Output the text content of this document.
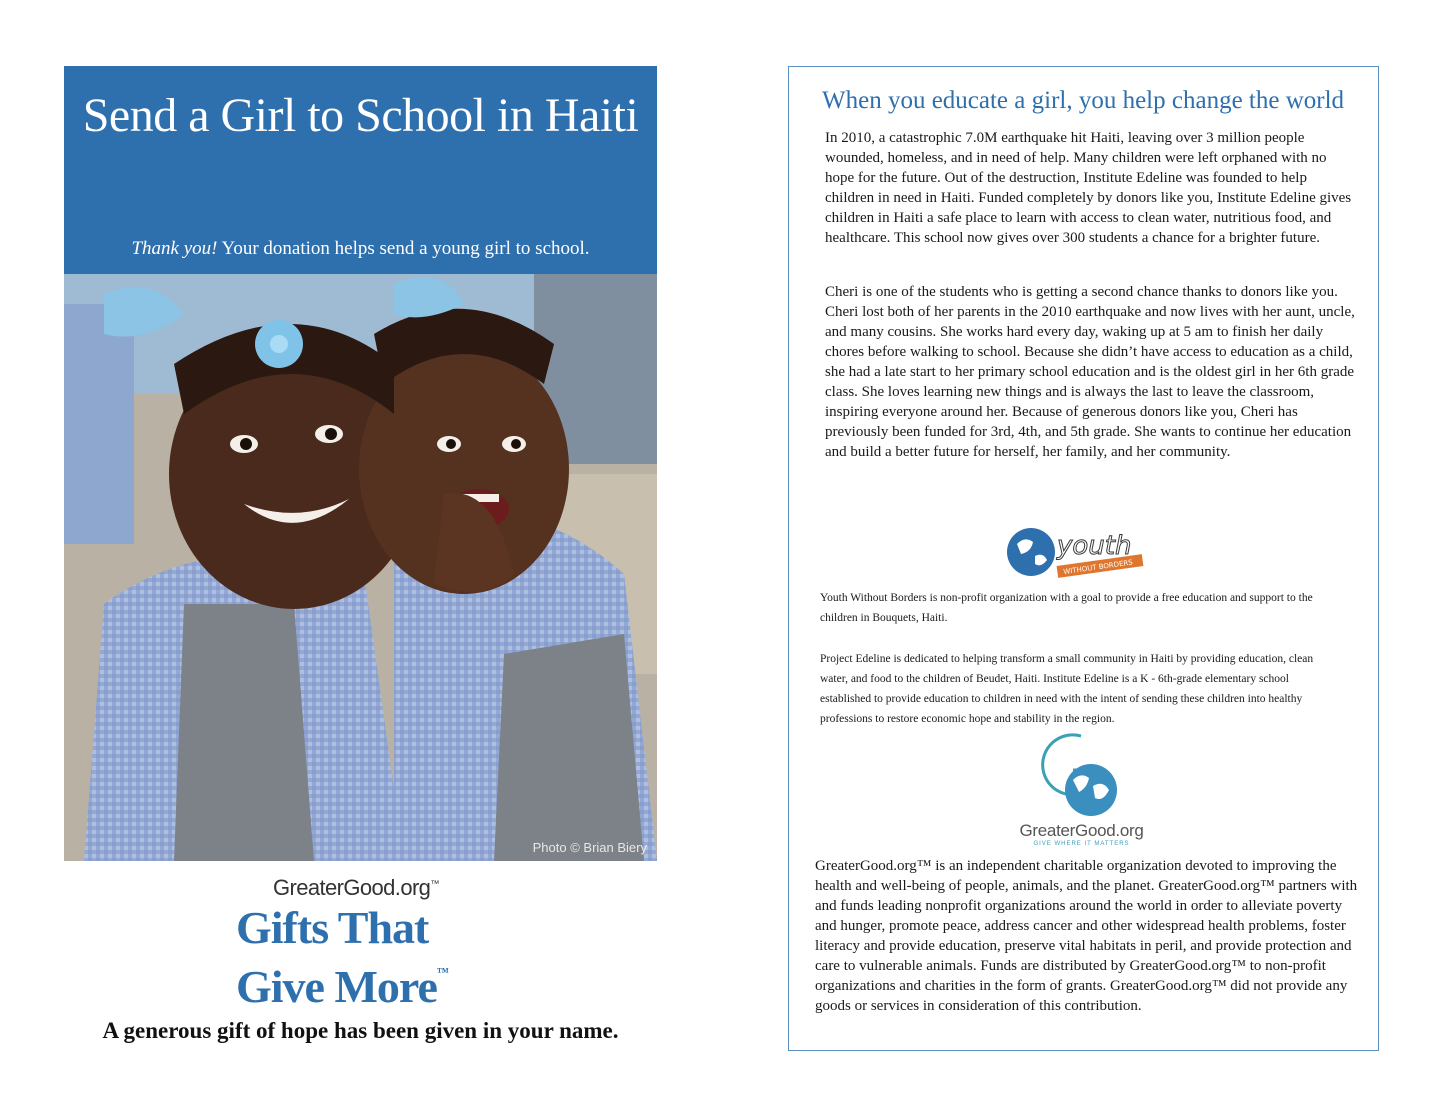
Send a Girl to School in Haiti
Thank you! Your donation helps send a young girl to school.
Photo © Brian Biery
GreaterGood.org™
Gifts That
Give More™
A generous gift of hope has been given in your name.
When you educate a girl, you help change the world

In 2010, a catastrophic 7.0M earthquake hit Haiti, leaving over 3 million people wounded, homeless, and in need of help. Many children were left orphaned with no hope for the future. Out of the destruction, Institute Edeline was founded to help children in need in Haiti. Funded completely by donors like you, Institute Edeline gives children in Haiti a safe place to learn with access to clean water, nutritious food, and healthcare. This school now gives over 300 students a chance for a brighter future.

Cheri is one of the students who is getting a second chance thanks to donors like you. Cheri lost both of her parents in the 2010 earthquake and now lives with her aunt, uncle, and many cousins. She works hard every day, waking up at 5 am to finish her daily chores before walking to school. Because she didn’t have access to education as a child, she had a late start to her primary school education and is the oldest girl in her 6th grade class. She loves learning new things and is always the last to leave the classroom, inspiring everyone around her. Because of generous donors like you, Cheri has previously been funded for 3rd, 4th, and 5th grade. She wants to continue her education and build a better future for herself, her family, and her community.

youth
WITHOUT BORDERS

Youth Without Borders is non-profit organization with a goal to provide a free education and support to the children in Bouquets, Haiti.

Project Edeline is dedicated to helping transform a small community in Haiti by providing education, clean water, and food to the children of Beudet, Haiti. Institute Edeline is a K - 6th-grade elementary school established to provide education to children in need with the intent of sending these children into healthy professions to restore economic hope and stability in the region.

GreaterGood.org
GIVE WHERE IT MATTERS

GreaterGood.org™ is an independent charitable organization devoted to improving the health and well-being of people, animals, and the planet. GreaterGood.org™ partners with and funds leading nonprofit organizations around the world in order to alleviate poverty and hunger, promote peace, address cancer and other widespread health problems, foster literacy and provide education, preserve vital habitats in peril, and provide protection and care to vulnerable animals. Funds are distributed by GreaterGood.org™ to non-profit organizations and charities in the form of grants. GreaterGood.org™ did not provide any goods or services in consideration of this contribution.
